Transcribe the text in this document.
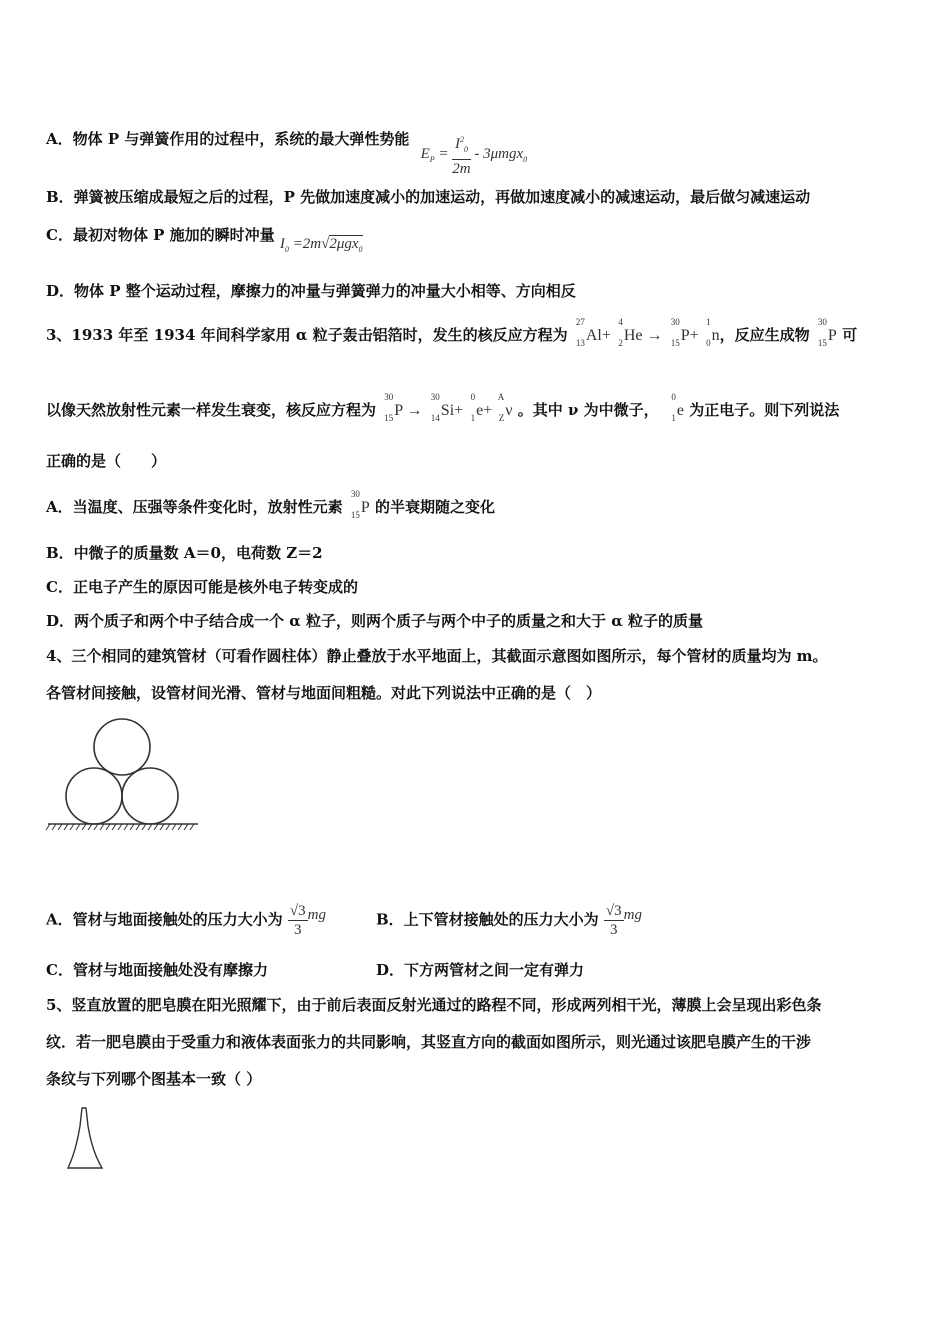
A．物体 P 与弹簧作用的过程中，系统的最大弹性势能 $E_P = \frac{I^2_0}{2m} - 3\mu mgx_0$
B．弹簧被压缩成最短之后的过程，P 先做加速度减小的加速运动，再做加速度减小的减速运动，最后做匀减速运动
C．最初对物体 P 施加的瞬时冲量 $I_0 =2m√2\mu gx_0$
D．物体 P 整个运动过程，摩擦力的冲量与弹簧弹力的冲量大小相等、方向相反
3、1933 年至 1934 年间科学家用 α 粒子轰击铝箔时，发生的核反应方程为
27
13 Al+
4
2 He →
30
15 P+
1
0 n，反应生成物
30
15 P 可
以像天然放射性元素一样发生衰变，核反应方程为
30
15 P →
30
14 Si+
0
1 e+
A
Z ν 。其中 ν 为中微子，
0
1 e 为正电子。则下列说法
正确的是（　　）
A．当温度、压强等条件变化时，放射性元素
30
15 P 的半衰期随之变化
B．中微子的质量数 A＝0，电荷数 Z＝2
C．正电子产生的原因可能是核外电子转变成的
D．两个质子和两个中子结合成一个 α 粒子，则两个质子与两个中子的质量之和大于 α 粒子的质量
4、三个相同的建筑管材（可看作圆柱体）静止叠放于水平地面上，其截面示意图如图所示，每个管材的质量均为 m。
各管材间接触，设管材间光滑、管材与地面间粗糙。对此下列说法中正确的是（　）
A．管材与地面接触处的压力大小为 $\frac{√3}{3}$ mg	B．上下管材接触处的压力大小为 $\frac{√3}{3}$ mg
C．管材与地面接触处没有摩擦力	D．下方两管材之间一定有弹力
5、竖直放置的肥皂膜在阳光照耀下，由于前后表面反射光通过的路程不同，形成两列相干光，薄膜上会呈现出彩色条
纹．若一肥皂膜由于受重力和液体表面张力的共同影响，其竖直方向的截面如图所示，则光通过该肥皂膜产生的干涉
条纹与下列哪个图基本一致（ ）
